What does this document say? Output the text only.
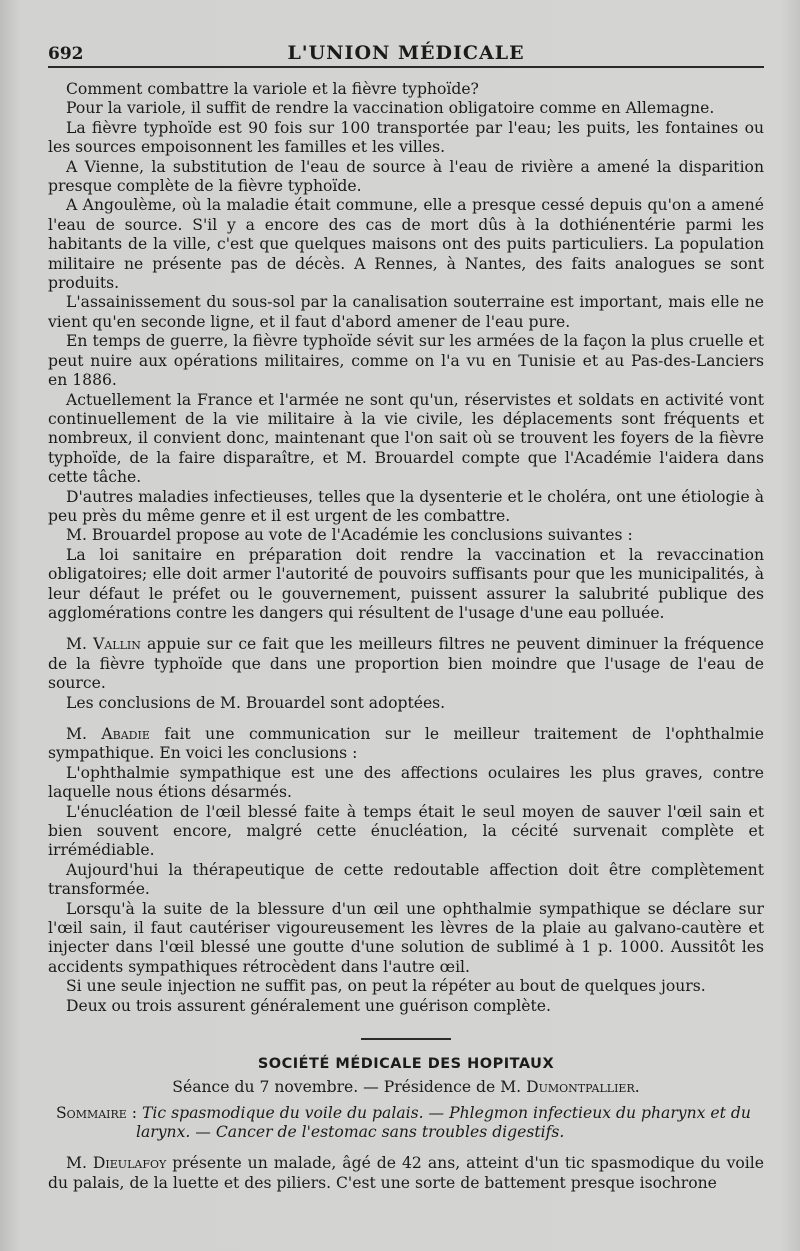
692	L'UNION MÉDICALE

Comment combattre la variole et la fièvre typhoïde?

Pour la variole, il suffit de rendre la vaccination obligatoire comme en Allemagne.

La fièvre typhoïde est 90 fois sur 100 transportée par l'eau; les puits, les fontaines ou les sources empoisonnent les familles et les villes.

A Vienne, la substitution de l'eau de source à l'eau de rivière a amené la disparition presque complète de la fièvre typhoïde.

A Angoulème, où la maladie était commune, elle a presque cessé depuis qu'on a amené l'eau de source. S'il y a encore des cas de mort dûs à la dothiénentérie parmi les habitants de la ville, c'est que quelques maisons ont des puits particuliers. La population militaire ne présente pas de décès. A Rennes, à Nantes, des faits analogues se sont produits.

L'assainissement du sous-sol par la canalisation souterraine est important, mais elle ne vient qu'en seconde ligne, et il faut d'abord amener de l'eau pure.

En temps de guerre, la fièvre typhoïde sévit sur les armées de la façon la plus cruelle et peut nuire aux opérations militaires, comme on l'a vu en Tunisie et au Pas-des-Lanciers en 1886.

Actuellement la France et l'armée ne sont qu'un, réservistes et soldats en activité vont continuellement de la vie militaire à la vie civile, les déplacements sont fréquents et nombreux, il convient donc, maintenant que l'on sait où se trouvent les foyers de la fièvre typhoïde, de la faire disparaître, et M. Brouardel compte que l'Académie l'aidera dans cette tâche.

D'autres maladies infectieuses, telles que la dysenterie et le choléra, ont une étiologie à peu près du même genre et il est urgent de les combattre.

M. Brouardel propose au vote de l'Académie les conclusions suivantes :

La loi sanitaire en préparation doit rendre la vaccination et la revaccination obligatoires; elle doit armer l'autorité de pouvoirs suffisants pour que les municipalités, à leur défaut le préfet ou le gouvernement, puissent assurer la salubrité publique des agglomérations contre les dangers qui résultent de l'usage d'une eau polluée.

M. Vallin appuie sur ce fait que les meilleurs filtres ne peuvent diminuer la fréquence de la fièvre typhoïde que dans une proportion bien moindre que l'usage de l'eau de source.

Les conclusions de M. Brouardel sont adoptées.

M. Abadie fait une communication sur le meilleur traitement de l'ophthalmie sympathique. En voici les conclusions :

L'ophthalmie sympathique est une des affections oculaires les plus graves, contre laquelle nous étions désarmés.

L'énucléation de l'œil blessé faite à temps était le seul moyen de sauver l'œil sain et bien souvent encore, malgré cette énucléation, la cécité survenait complète et irrémédiable.

Aujourd'hui la thérapeutique de cette redoutable affection doit être complètement transformée.

Lorsqu'à la suite de la blessure d'un œil une ophthalmie sympathique se déclare sur l'œil sain, il faut cautériser vigoureusement les lèvres de la plaie au galvano-cautère et injecter dans l'œil blessé une goutte d'une solution de sublimé à 1 p. 1000. Aussitôt les accidents sympathiques rétrocèdent dans l'autre œil.

Si une seule injection ne suffit pas, on peut la répéter au bout de quelques jours.

Deux ou trois assurent généralement une guérison complète.

SOCIÉTÉ MÉDICALE DES HOPITAUX
Séance du 7 novembre. — Présidence de M. Dumontpallier.
Sommaire : Tic spasmodique du voile du palais. — Phlegmon infectieux du pharynx et du
larynx. — Cancer de l'estomac sans troubles digestifs.

M. Dieulafoy présente un malade, âgé de 42 ans, atteint d'un tic spasmodique du voile du palais, de la luette et des piliers. C'est une sorte de battement presque isochrone
